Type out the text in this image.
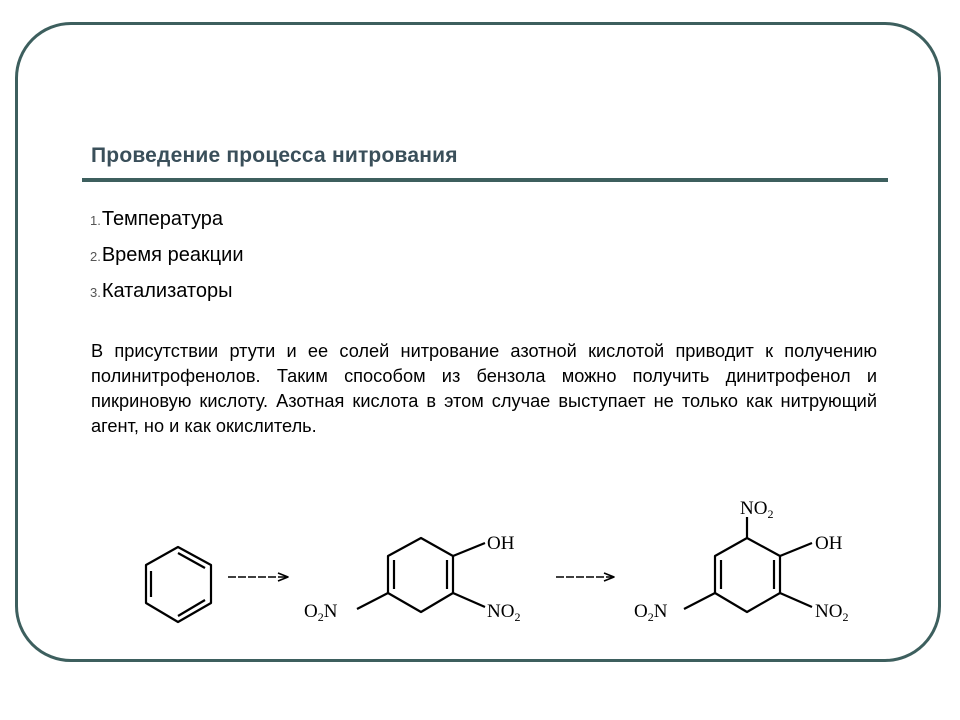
Проведение процесса нитрования
1.Температура
2.Время реакции
3.Катализаторы

В присутствии ртути и ее солей нитрование азотной кислотой приводит к получению полинитрофенолов. Таким способом из бензола можно получить динитрофенол и пикриновую кислоту. Азотная кислота в этом случае выступает не только как нитрующий агент, но и как окислитель.

OH
$NO_2$
$O_2N$
$NO_2$
OH
$NO_2$
$O_2N$
